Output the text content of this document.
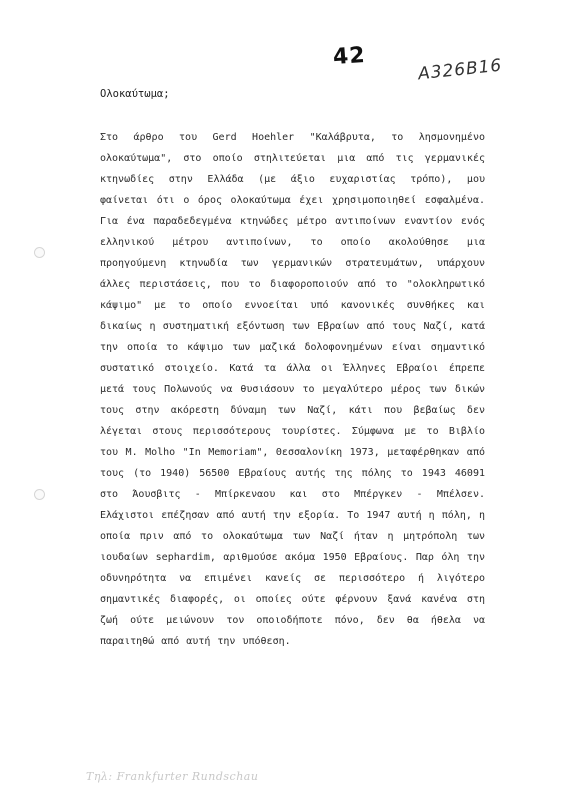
42	A326B16
Ολοκαύτωμα;

Στο άρθρο του Gerd Hoehler "Καλάβρυτα, το λησμονημένο ολοκαύτωμα", στο οποίο στηλιτεύεται μια από τις γερμανικές κτηνωδίες στην Ελλάδα (με άξιο ευχαριστίας τρόπο), μου φαίνεται ότι ο όρος ολοκαύτωμα έχει χρησιμοποιηθεί εσφαλμένα. Για ένα παραδεδεγμένα κτηνώδες μέτρο αντιποίνων εναντίον ενός ελληνικού μέτρου αντιποίνων, το οποίο ακολούθησε μια προηγούμενη κτηνωδία των γερμανικών στρατευμάτων, υπάρχουν άλλες περιστάσεις, που το διαφοροποιούν από το "ολοκληρωτικό κάψιμο" με το οποίο εννοείται υπό κανονικές συνθήκες και δικαίως η συστηματική εξόντωση των Εβραίων από τους Ναζί, κατά την οποία το κάψιμο των μαζικά δολοφονημένων είναι σημαντικό συστατικό στοιχείο. Κατά τα άλλα οι Έλληνες Εβραίοι έπρεπε μετά τους Πολωνούς να θυσιάσουν το μεγαλύτερο μέρος των δικών τους στην ακόρεστη δύναμη των Ναζί, κάτι που βεβαίως δεν λέγεται στους περισσότερους τουρίστες. Σύμφωνα με το Βιβλίο του M. Molho "In Memoriam", Θεσσαλονίκη 1973, μεταφέρθηκαν από τους (το 1940) 56500 Εβραίους αυτής της πόλης το 1943 46091 στο Άουσβιτς - Μπίρκεναου και στο Μπέργκεν - Μπέλσεν. Ελάχιστοι επέζησαν από αυτή την εξορία. Το 1947 αυτή η πόλη, η οποία πριν από το ολοκαύτωμα των Ναζί ήταν η μητρόπολη των ιουδαίων sephardim, αριθμούσε ακόμα 1950 Εβραίους. Παρ όλη την οδυνηρότητα να επιμένει κανείς σε περισσότερο ή λιγότερο σημαντικές διαφορές, οι οποίες ούτε φέρνουν ξανά κανένα στη ζωή ούτε μειώνουν τον οποιοδήποτε πόνο, δεν θα ήθελα να παραιτηθώ από αυτή την υπόθεση.

Τηλ: Frankfurter Rundschau
